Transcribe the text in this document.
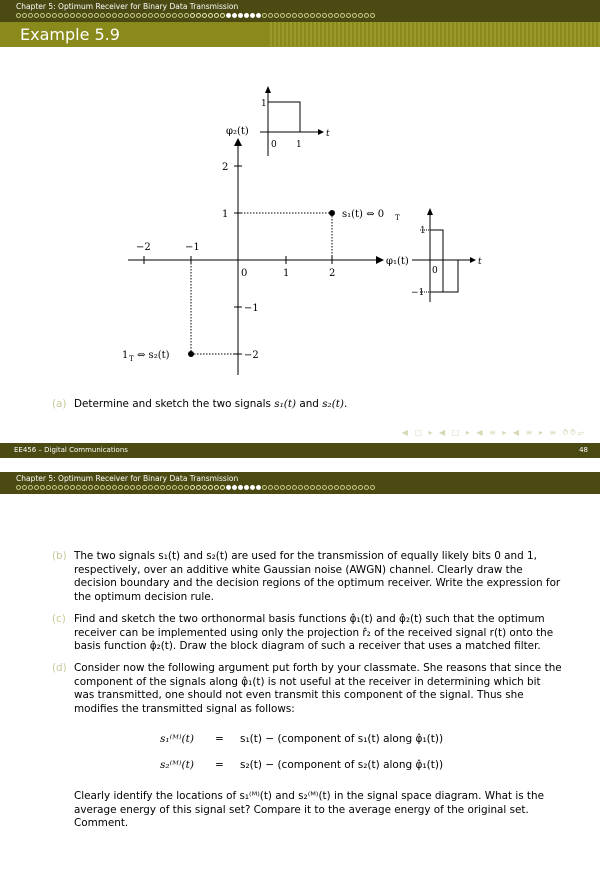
Chapter 5: Optimum Receiver for Binary Data Transmission
Example 5.9
φ₂(t)
φ₁(t)
−2	−1
0	1	2
2
1
−1
−2
s₁(t) ⇔ 0 T
1 T ⇔ s₂(t)
1
0 1
t
1
0
−1
t
(a) Determine and sketch the two signals s₁(t) and s₂(t).
◀ □ ▸ ◀ □ ▸ ◀ ≡ ▸ ◀ ≡ ▸ ≡ ⥀⥁⥂
EE456 – Digital Communications	48
Chapter 5: Optimum Receiver for Binary Data Transmission
(b) The two signals s₁(t) and s₂(t) are used for the transmission of equally likely bits 0 and 1, respectively, over an additive white Gaussian noise (AWGN) channel. Clearly draw the decision boundary and the decision regions of the optimum receiver. Write the expression for the optimum decision rule.
(c) Find and sketch the two orthonormal basis functions φ̂₁(t) and φ̂₂(t) such that the optimum receiver can be implemented using only the projection r̂₂ of the received signal r(t) onto the basis function φ̂₂(t). Draw the block diagram of such a receiver that uses a matched filter.
(d) Consider now the following argument put forth by your classmate. She reasons that since the component of the signals along φ̂₁(t) is not useful at the receiver in determining which bit was transmitted, one should not even transmit this component of the signal. Thus she modifies the transmitted signal as follows:
s₁⁽ᴹ⁾(t) = s₁(t) − (component of s₁(t) along φ̂₁(t))
s₂⁽ᴹ⁾(t) = s₂(t) − (component of s₂(t) along φ̂₁(t))
Clearly identify the locations of s₁⁽ᴹ⁾(t) and s₂⁽ᴹ⁾(t) in the signal space diagram. What is the average energy of this signal set? Compare it to the average energy of the original set. Comment.
